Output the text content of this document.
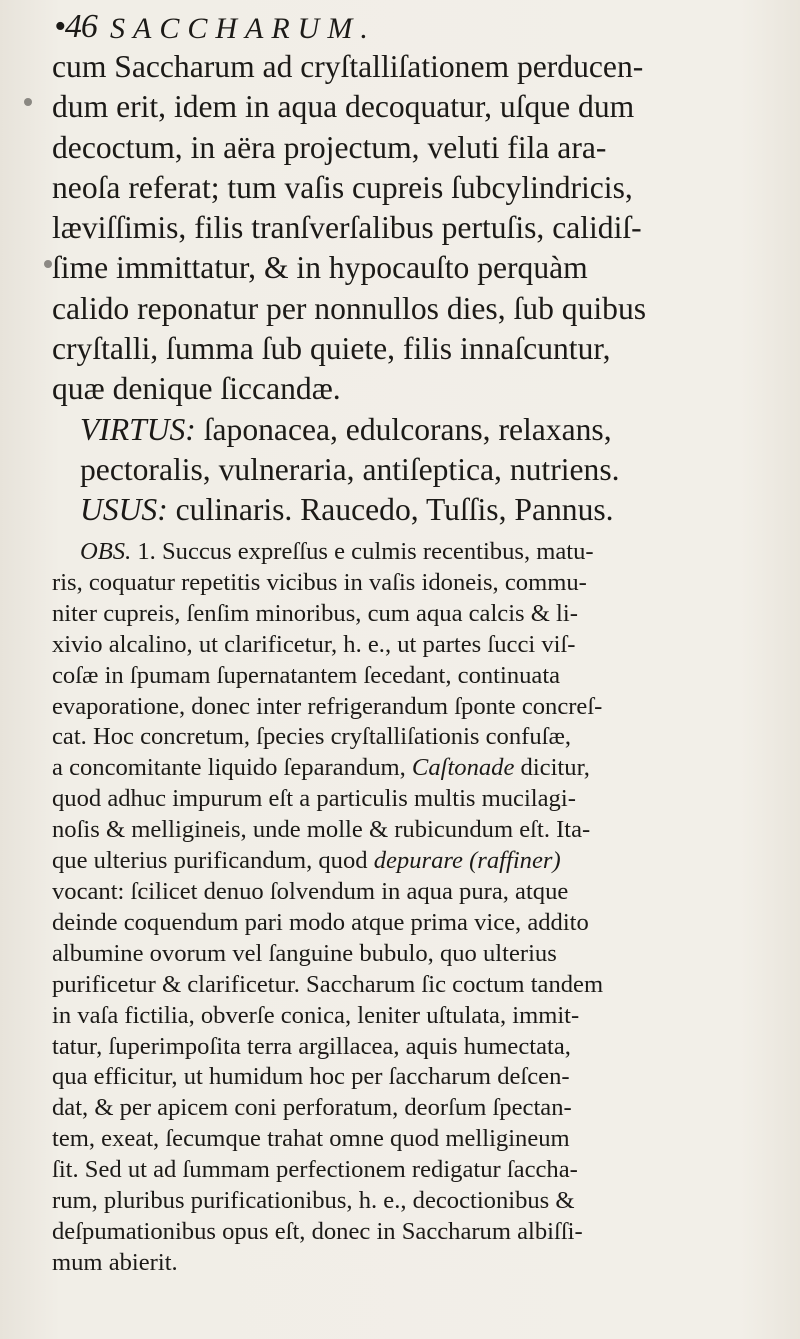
•46 SACCHARUM.
cum Saccharum ad cryſtalliſationem perducen-
dum erit, idem in aqua decoquatur, uſque dum
decoctum, in aëra projectum, veluti fila ara-
neoſa referat; tum vaſis cupreis ſubcylindricis,
læviſſimis, filis tranſverſalibus pertuſis, calidiſ-
ſime immittatur, & in hypocauſto perquàm
calido reponatur per nonnullos dies, ſub quibus
cryſtalli, ſumma ſub quiete, filis innaſcuntur,
quæ denique ſiccandæ.
VIRTUS: ſaponacea, edulcorans, relaxans,
pectoralis, vulneraria, antiſeptica, nutriens.
USUS: culinaris. Raucedo, Tuſſis, Pannus.
OBS. 1. Succus expreſſus e culmis recentibus, matu-
ris, coquatur repetitis vicibus in vaſis idoneis, commu-
niter cupreis, ſenſim minoribus, cum aqua calcis & li-
xivio alcalino, ut clarificetur, h. e., ut partes ſucci viſ-
coſæ in ſpumam ſupernatantem ſecedant, continuata
evaporatione, donec inter refrigerandum ſponte concreſ-
cat. Hoc concretum, ſpecies cryſtalliſationis confuſæ,
a concomitante liquido ſeparandum, Caſtonade dicitur,
quod adhuc impurum eſt a particulis multis mucilagi-
noſis & melligineis, unde molle & rubicundum eſt. Ita-
que ulterius purificandum, quod depurare (raffiner)
vocant: ſcilicet denuo ſolvendum in aqua pura, atque
deinde coquendum pari modo atque prima vice, addito
albumine ovorum vel ſanguine bubulo, quo ulterius
purificetur & clarificetur. Saccharum ſic coctum tandem
in vaſa fictilia, obverſe conica, leniter uſtulata, immit-
tatur, ſuperimpoſita terra argillacea, aquis humectata,
qua efficitur, ut humidum hoc per ſaccharum deſcen-
dat, & per apicem coni perforatum, deorſum ſpectan-
tem, exeat, ſecumque trahat omne quod melligineum
ſit. Sed ut ad ſummam perfectionem redigatur ſaccha-
rum, pluribus purificationibus, h. e., decoctionibus &
deſpumationibus opus eſt, donec in Saccharum albiſſi-
mum abierit.
